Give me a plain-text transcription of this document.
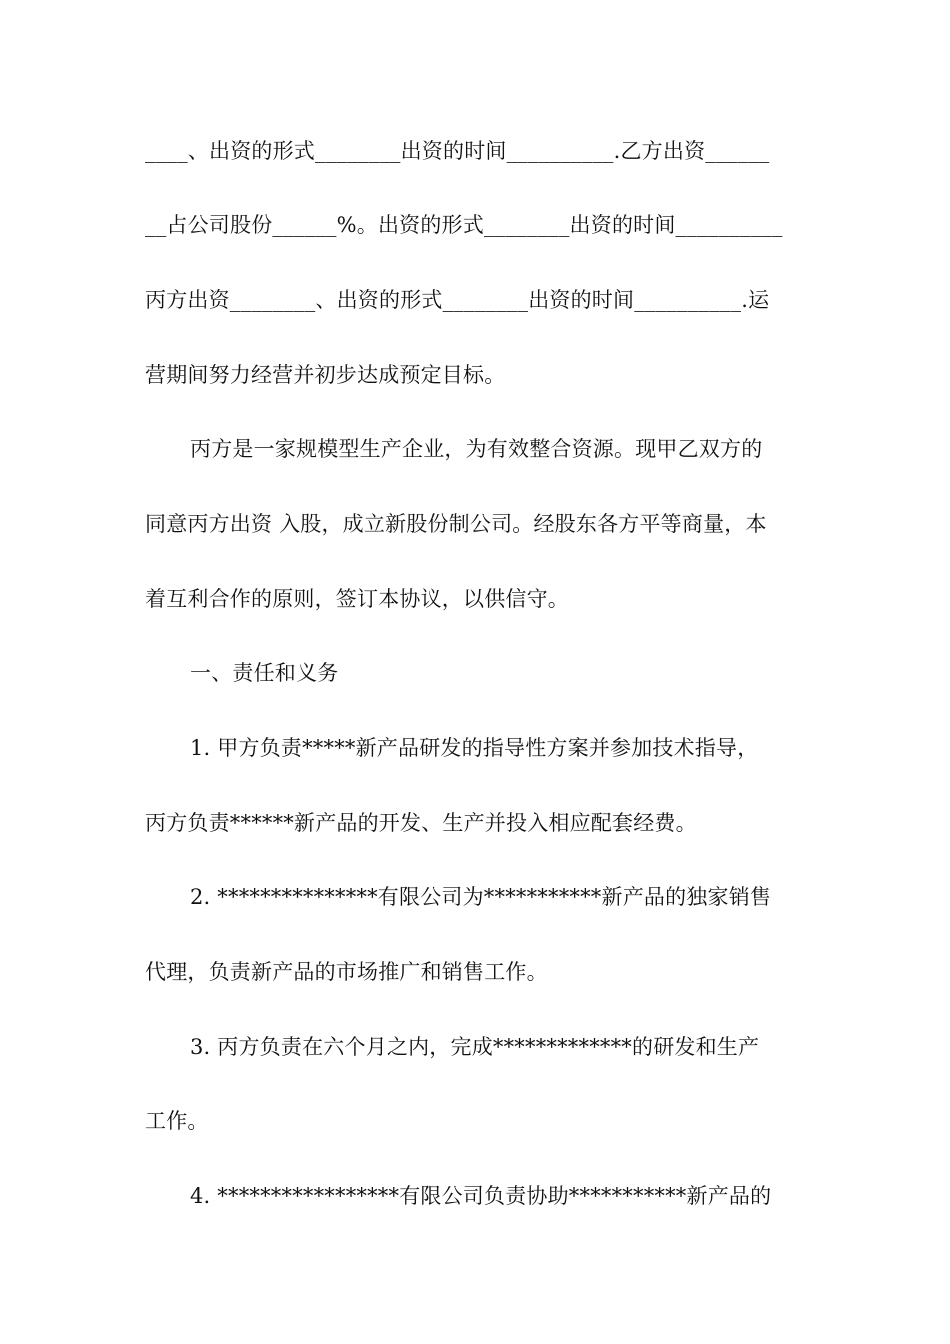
____、出资的形式________出资的时间__________.乙方出资______
__占公司股份______%。出资的形式________出资的时间__________
丙方出资________、出资的形式________出资的时间__________.运
营期间努力经营并初步达成预定目标。
丙方是一家规模型生产企业，为有效整合资源。现甲乙双方的
同意丙方出资 入股，成立新股份制公司。经股东各方平等商量，本
着互利合作的原则，签订本协议，以供信守。
一、责任和义务
1. 甲方负责*****新产品研发的指导性方案并参加技术指导，
丙方负责******新产品的开发、生产并投入相应配套经费。
2. ***************有限公司为***********新产品的独家销售
代理，负责新产品的市场推广和销售工作。
3. 丙方负责在六个月之内，完成*************的研发和生产
工作。
4. *****************有限公司负责协助***********新产品的
